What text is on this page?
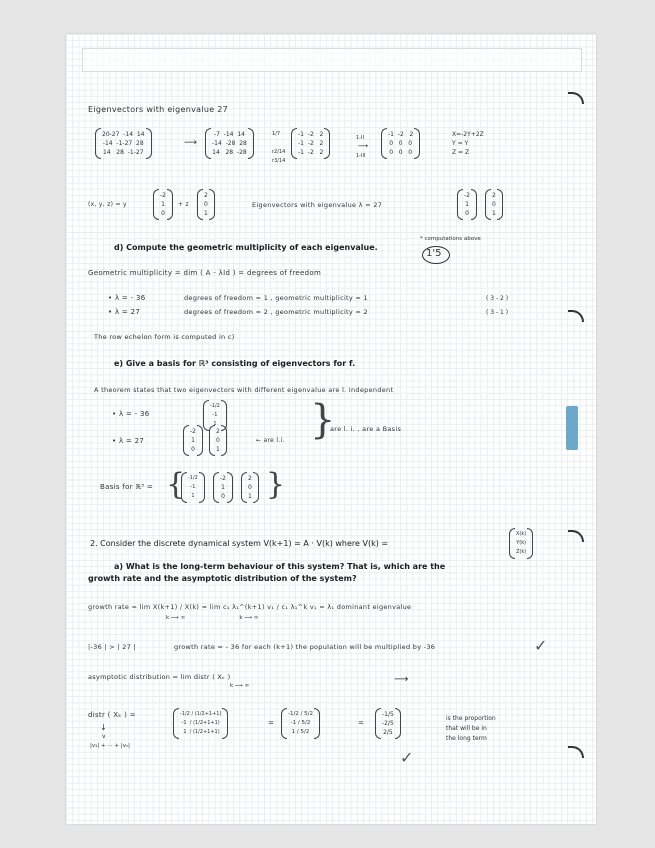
Eigenvectors with eigenvalue 27
20-27  -14  14
-14  -1-27  28
14   28  -1-27
⟶
-7  -14  14
-14  -28  28
14   28  -28
1/7

r2/14
r3/14
-1  -2   2
-1  -2   2
-1  -2   2
1-II

1-III
⟶
-1  -2   2
0   0   0
0   0   0
X=-2Y+2Z
Y = Y
Z = Z
(x, y, z) = y
-2
1
0
+ z
2
0
1
Eigenvectors with eigenvalue λ = 27
-2
1
0
2
0
1
d) Compute the geometric multiplicity of each eigenvalue.
* computations above
1'5
Geometric multiplicity = dim ( A - λId ) = degrees of freedom
• λ = - 36	degrees of freedom = 1 , geometric multiplicity = 1	( 3 - 2 )
• λ = 27	degrees of freedom = 2 , geometric multiplicity = 2	( 3 - 1 )
The row echelon form is computed in c)
e) Give a basis for ℝ³ consisting of eigenvectors for f.
A theorem states that two eigenvectors with different eigenvalue are l. independent
• λ = - 36
-1/2
-1
1
• λ = 27
-2
1
0
2
0
1
← are l.i. }
are l. i. , are a Basis
Basis for ℝ³ = { -1/2
-1
1
-2
1
0
2
0
1 }
2. Consider the discrete dynamical system V(k+1) = A · V(k) where V(k) =
X(k)
Y(k)
Z(k)
a) What is the long-term behaviour of this system? That is, which are the
growth rate and the asymptotic distribution of the system?
growth rate = lim X(k+1) / X(k) ≈ lim c₁ λ₁^(k+1) v₁ / c₁ λ₁^k v₁ = λ₁ dominant eigenvalue
k ⟶ ∞                               k ⟶ ∞
|-36 | > | 27 |	growth rate = - 36 for each (k+1) the population will be multiplied by -36	✓
asymptotic distribution = lim distr ( Xₖ )
k ⟶ ∞
⟶
distr ( Xₖ ) =
↓
v
|v₁| + ⋯ + |vₙ|
-1/2 / (1/2+1+1)
-1  / (1/2+1+1)
1  / (1/2+1+1)
=
-1/2 / 5/2
-1 / 5/2
1 / 5/2
=
-1/5
-2/5
2/5
is the proportion
that will be in
the long term
✓
